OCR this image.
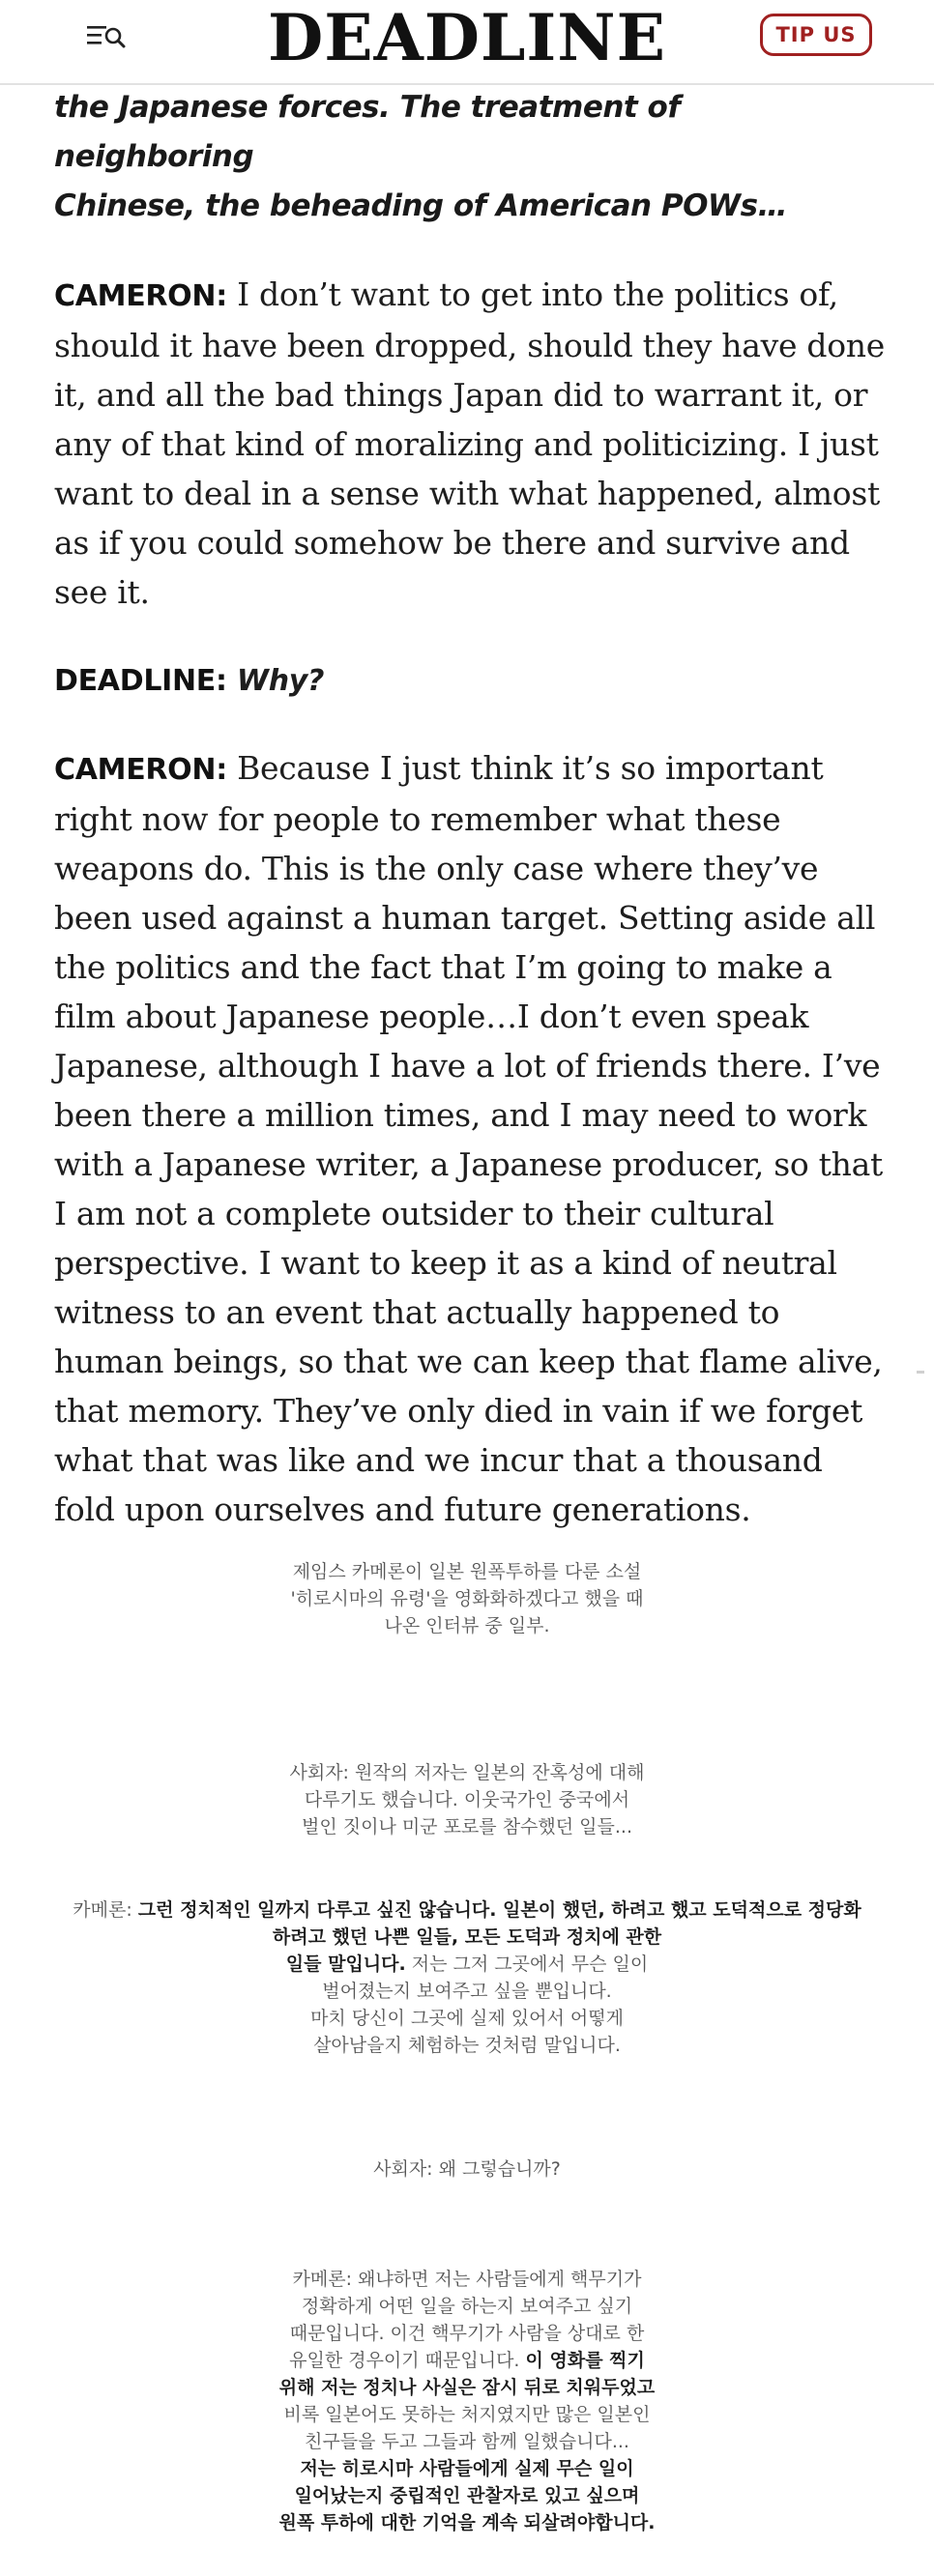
DEADLINE	TIP US
the Japanese forces. The treatment of neighboring
Chinese, the beheading of American POWs…

CAMERON: I don’t want to get into the politics of, should it have been dropped, should they have done it, and all the bad things Japan did to warrant it, or any of that kind of moralizing and politicizing. I just want to deal in a sense with what happened, almost as if you could somehow be there and survive and see it.

DEADLINE: Why?

CAMERON: Because I just think it’s so important right now for people to remember what these weapons do. This is the only case where they’ve been used against a human target. Setting aside all the politics and the fact that I’m going to make a film about Japanese people…I don’t even speak Japanese, although I have a lot of friends there. I’ve been there a million times, and I may need to work with a Japanese writer, a Japanese producer, so that I am not a complete outsider to their cultural perspective. I want to keep it as a kind of neutral witness to an event that actually happened to human beings, so that we can keep that flame alive, that memory. They’ve only died in vain if we forget what that was like and we incur that a thousand fold upon ourselves and future generations.

제임스 카메론이 일본 원폭투하를 다룬 소설
'히로시마의 유령'을 영화화하겠다고 했을 때
나온 인터뷰 중 일부.
사회자: 원작의 저자는 일본의 잔혹성에 대해
다루기도 했습니다. 이웃국가인 중국에서
벌인 짓이나 미군 포로를 참수했던 일들...
카메론: 그런 정치적인 일까지 다루고 싶진 않습니다. 일본이 했던, 하려고 했고 도덕적으로 정당화
하려고 했던 나쁜 일들, 모든 도덕과 정치에 관한
일들 말입니다. 저는 그저 그곳에서 무슨 일이
벌어졌는지 보여주고 싶을 뿐입니다.
마치 당신이 그곳에 실제 있어서 어떻게
살아남을지 체험하는 것처럼 말입니다.
사회자: 왜 그렇습니까?
카메론: 왜냐하면 저는 사람들에게 핵무기가
정확하게 어떤 일을 하는지 보여주고 싶기
때문입니다. 이건 핵무기가 사람을 상대로 한
유일한 경우이기 때문입니다. 이 영화를 찍기
위해 저는 정치나 사실은 잠시 뒤로 치워두었고
비록 일본어도 못하는 처지였지만 많은 일본인
친구들을 두고 그들과 함께 일했습니다...
저는 히로시마 사람들에게 실제 무슨 일이
일어났는지 중립적인 관찰자로 있고 싶으며
원폭 투하에 대한 기억을 계속 되살려야합니다.
